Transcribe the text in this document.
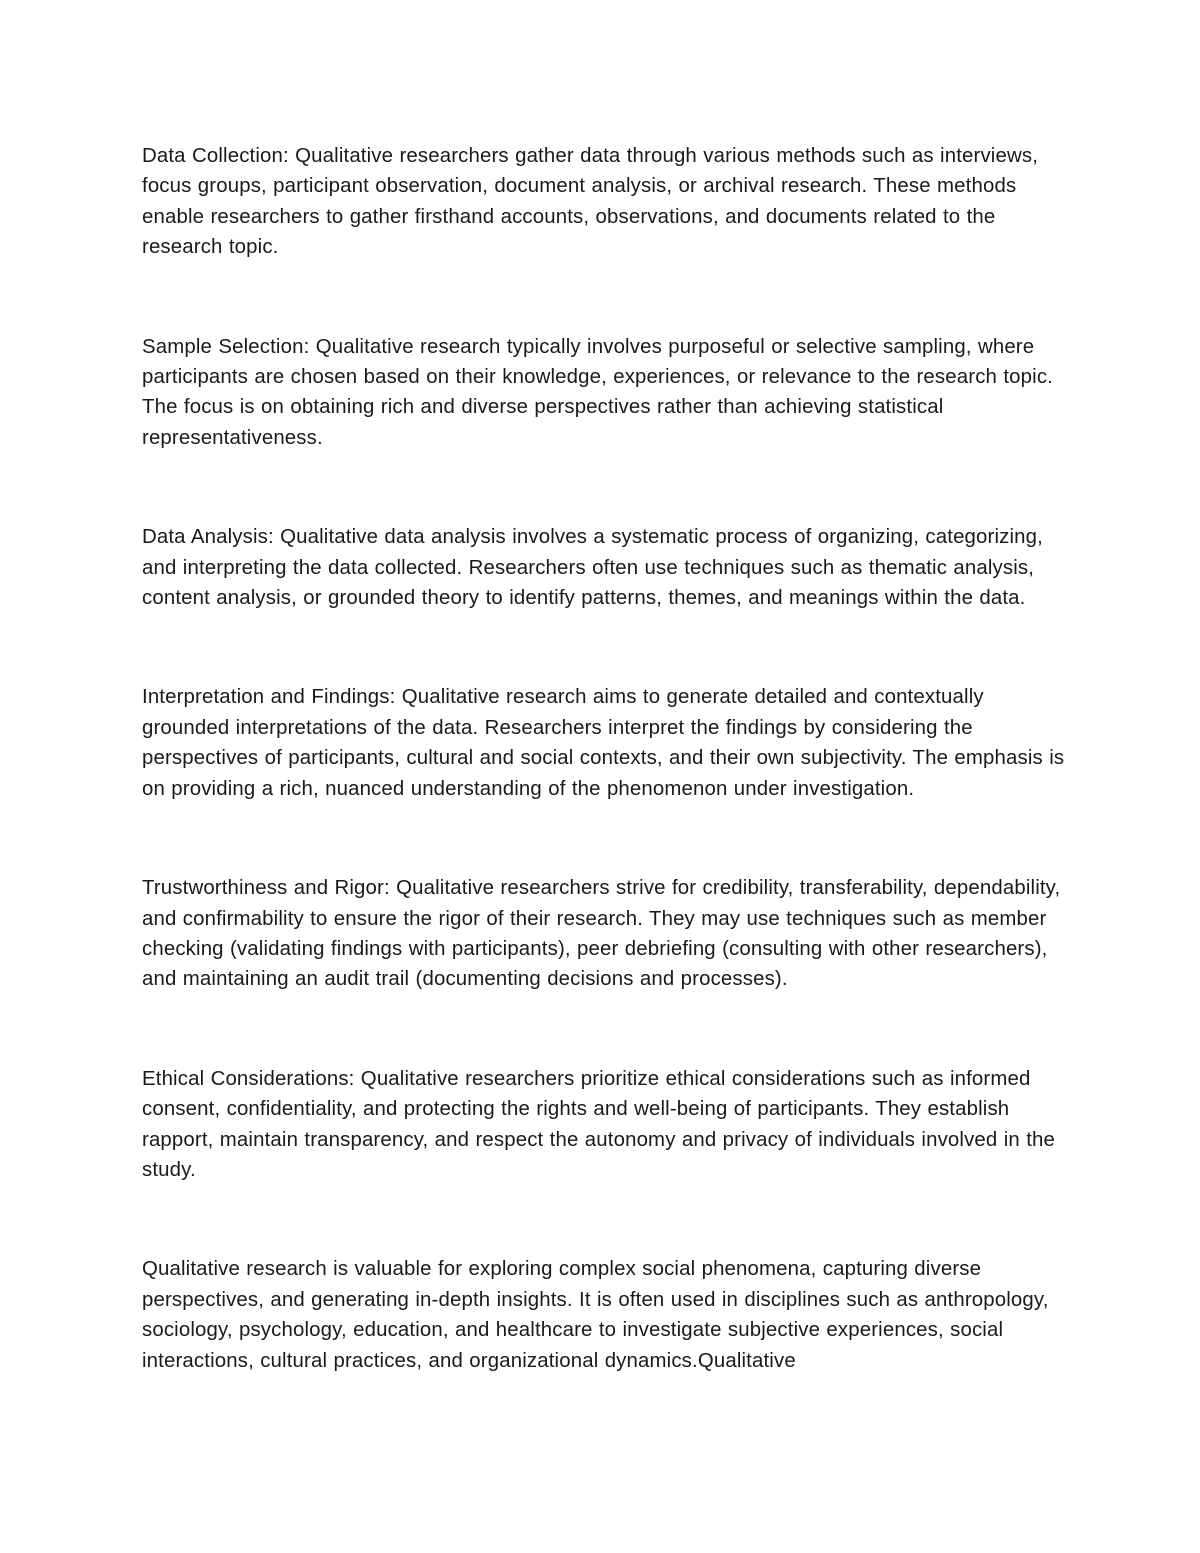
Data Collection: Qualitative researchers gather data through various methods such as interviews, focus groups, participant observation, document analysis, or archival research. These methods enable researchers to gather firsthand accounts, observations, and documents related to the research topic.

Sample Selection: Qualitative research typically involves purposeful or selective sampling, where participants are chosen based on their knowledge, experiences, or relevance to the research topic. The focus is on obtaining rich and diverse perspectives rather than achieving statistical representativeness.

Data Analysis: Qualitative data analysis involves a systematic process of organizing, categorizing, and interpreting the data collected. Researchers often use techniques such as thematic analysis, content analysis, or grounded theory to identify patterns, themes, and meanings within the data.

Interpretation and Findings: Qualitative research aims to generate detailed and contextually grounded interpretations of the data. Researchers interpret the findings by considering the perspectives of participants, cultural and social contexts, and their own subjectivity. The emphasis is on providing a rich, nuanced understanding of the phenomenon under investigation.

Trustworthiness and Rigor: Qualitative researchers strive for credibility, transferability, dependability, and confirmability to ensure the rigor of their research. They may use techniques such as member checking (validating findings with participants), peer debriefing (consulting with other researchers), and maintaining an audit trail (documenting decisions and processes).

Ethical Considerations: Qualitative researchers prioritize ethical considerations such as informed consent, confidentiality, and protecting the rights and well-being of participants. They establish rapport, maintain transparency, and respect the autonomy and privacy of individuals involved in the study.

Qualitative research is valuable for exploring complex social phenomena, capturing diverse perspectives, and generating in-depth insights. It is often used in disciplines such as anthropology, sociology, psychology, education, and healthcare to investigate subjective experiences, social interactions, cultural practices, and organizational dynamics.Qualitative
